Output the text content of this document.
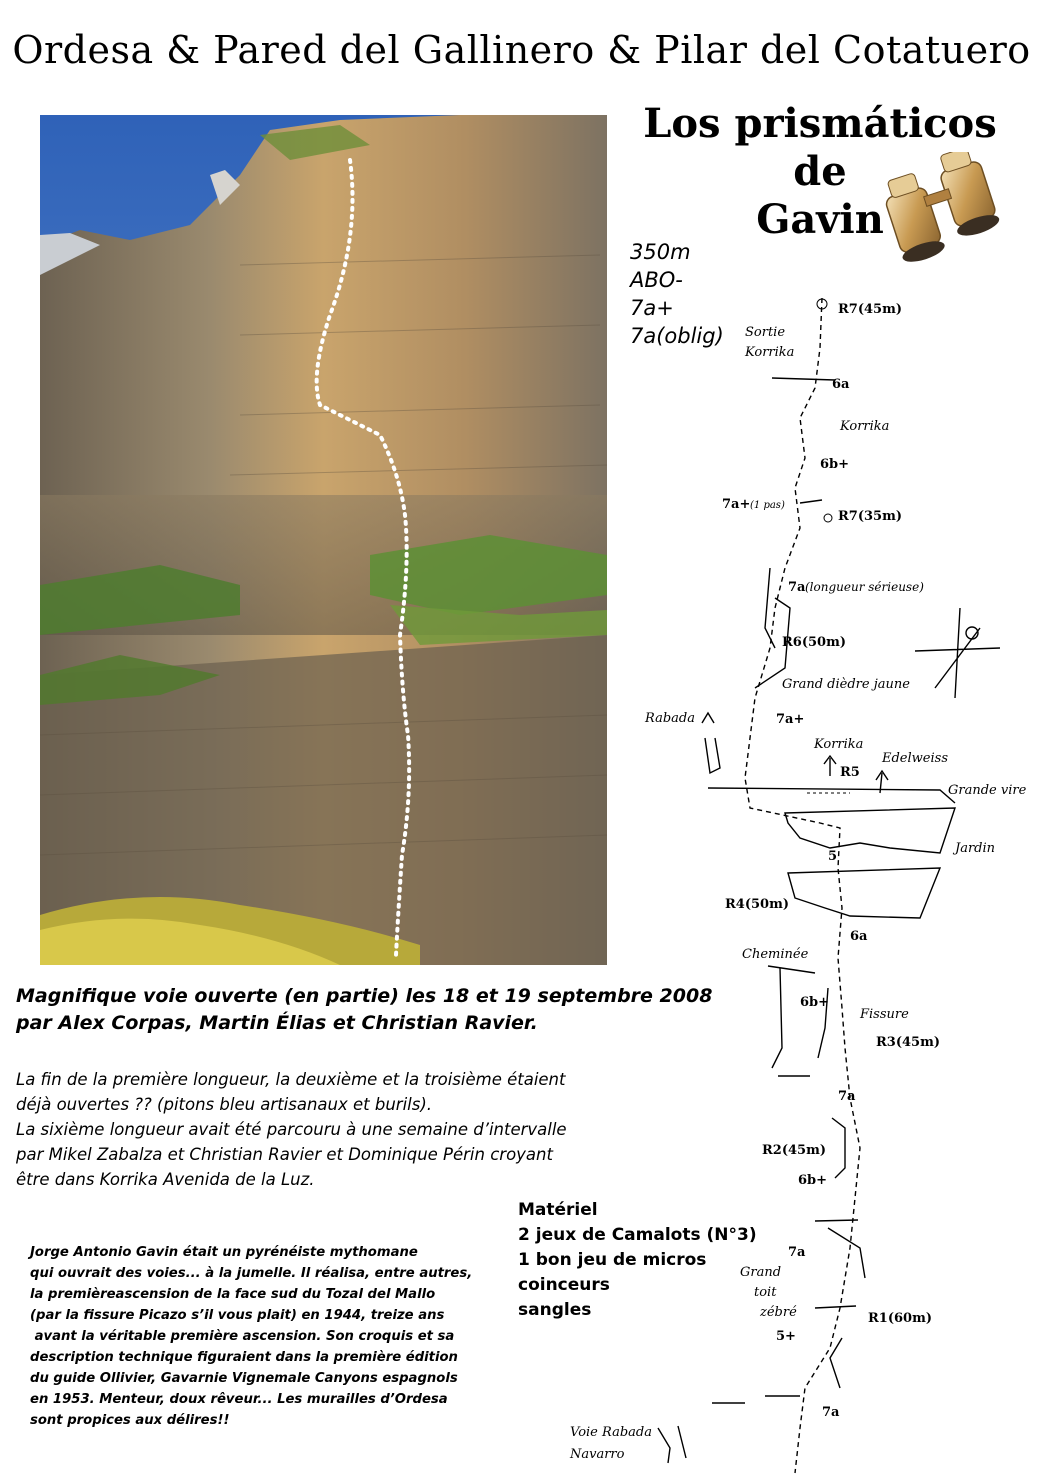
Ordesa & Pared del Gallinero & Pilar del Cotatuero
Los prismáticos
de
Gavin
350m
ABO-
7a+
7a(oblig)
R7(45m)
Sortie
Korrika
6a
Korrika
6b+
7a+ (1 pas)
R7(35m)
7a (longueur sérieuse)
R6(50m)
Grand dièdre jaune
Rabada	7a+
Korrika
Edelweiss
R5
Grande vire
Jardin
5
R4(50m)
6a
Cheminée
6b+
Fissure
R3(45m)
7a
R2(45m)
6b+
7a
Grand
toit
zébré	R1(60m)
5+
7a
Voie Rabada
Navarro
Magnifique voie ouverte (en partie) les 18 et 19 septembre 2008
par Alex Corpas, Martin Élias et Christian Ravier.
La fin de la première longueur, la deuxième et la troisième étaient
déjà ouvertes ?? (pitons bleu artisanaux et burils).
La sixième longueur avait été parcouru à une semaine d’intervalle
par Mikel Zabalza et Christian Ravier et Dominique Périn croyant
être dans Korrika Avenida de la Luz.
Matériel
2 jeux de Camalots (N°3)
1 bon jeu de micros
coinceurs
sangles
Jorge Antonio Gavin était un pyrénéiste mythomane
qui ouvrait des voies... à la jumelle. Il réalisa, entre autres,
la premièreascension de la face sud du Tozal del Mallo
(par la fissure Picazo s’il vous plait) en 1944, treize ans
avant la véritable première ascension. Son croquis et sa
description technique figuraient dans la première édition
du guide Ollivier, Gavarnie Vignemale Canyons espagnols
en 1953. Menteur, doux rêveur... Les murailles d’Ordesa
sont propices aux délires!!
